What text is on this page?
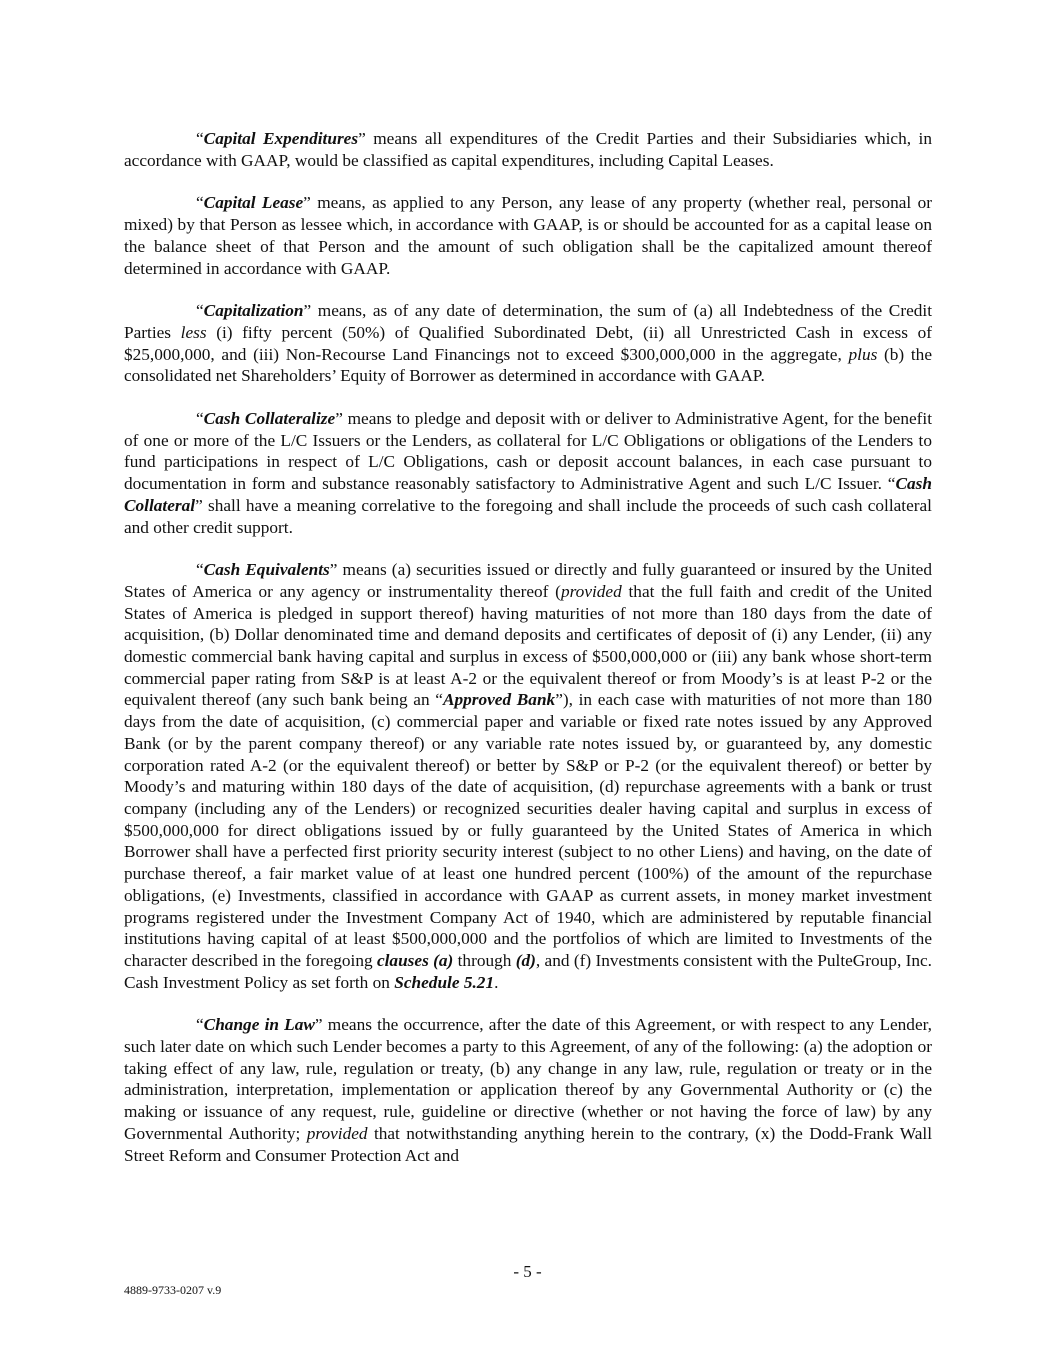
“Capital Expenditures” means all expenditures of the Credit Parties and their Subsidiaries which, in accordance with GAAP, would be classified as capital expenditures, including Capital Leases.

“Capital Lease” means, as applied to any Person, any lease of any property (whether real, personal or mixed) by that Person as lessee which, in accordance with GAAP, is or should be accounted for as a capital lease on the balance sheet of that Person and the amount of such obligation shall be the capitalized amount thereof determined in accordance with GAAP.

“Capitalization” means, as of any date of determination, the sum of (a) all Indebtedness of the Credit Parties less (i) fifty percent (50%) of Qualified Subordinated Debt, (ii) all Unrestricted Cash in excess of $25,000,000, and (iii) Non-Recourse Land Financings not to exceed $300,000,000 in the aggregate, plus (b) the consolidated net Shareholders’ Equity of Borrower as determined in accordance with GAAP.

“Cash Collateralize” means to pledge and deposit with or deliver to Administrative Agent, for the benefit of one or more of the L/C Issuers or the Lenders, as collateral for L/C Obligations or obligations of the Lenders to fund participations in respect of L/C Obligations, cash or deposit account balances, in each case pursuant to documentation in form and substance reasonably satisfactory to Administrative Agent and such L/C Issuer. “Cash Collateral” shall have a meaning correlative to the foregoing and shall include the proceeds of such cash collateral and other credit support.

“Cash Equivalents” means (a) securities issued or directly and fully guaranteed or insured by the United States of America or any agency or instrumentality thereof (provided that the full faith and credit of the United States of America is pledged in support thereof) having maturities of not more than 180 days from the date of acquisition, (b) Dollar denominated time and demand deposits and certificates of deposit of (i) any Lender, (ii) any domestic commercial bank having capital and surplus in excess of $500,000,000 or (iii) any bank whose short-term commercial paper rating from S&P is at least A-2 or the equivalent thereof or from Moody’s is at least P-2 or the equivalent thereof (any such bank being an “Approved Bank”), in each case with maturities of not more than 180 days from the date of acquisition, (c) commercial paper and variable or fixed rate notes issued by any Approved Bank (or by the parent company thereof) or any variable rate notes issued by, or guaranteed by, any domestic corporation rated A-2 (or the equivalent thereof) or better by S&P or P-2 (or the equivalent thereof) or better by Moody’s and maturing within 180 days of the date of acquisition, (d) repurchase agreements with a bank or trust company (including any of the Lenders) or recognized securities dealer having capital and surplus in excess of $500,000,000 for direct obligations issued by or fully guaranteed by the United States of America in which Borrower shall have a perfected first priority security interest (subject to no other Liens) and having, on the date of purchase thereof, a fair market value of at least one hundred percent (100%) of the amount of the repurchase obligations, (e) Investments, classified in accordance with GAAP as current assets, in money market investment programs registered under the Investment Company Act of 1940, which are administered by reputable financial institutions having capital of at least $500,000,000 and the portfolios of which are limited to Investments of the character described in the foregoing clauses (a) through (d), and (f) Investments consistent with the PulteGroup, Inc. Cash Investment Policy as set forth on Schedule 5.21.

“Change in Law” means the occurrence, after the date of this Agreement, or with respect to any Lender, such later date on which such Lender becomes a party to this Agreement, of any of the following: (a) the adoption or taking effect of any law, rule, regulation or treaty, (b) any change in any law, rule, regulation or treaty or in the administration, interpretation, implementation or application thereof by any Governmental Authority or (c) the making or issuance of any request, rule, guideline or directive (whether or not having the force of law) by any Governmental Authority; provided that notwithstanding anything herein to the contrary, (x) the Dodd-Frank Wall Street Reform and Consumer Protection Act and

- 5 -
4889-9733-0207 v.9
